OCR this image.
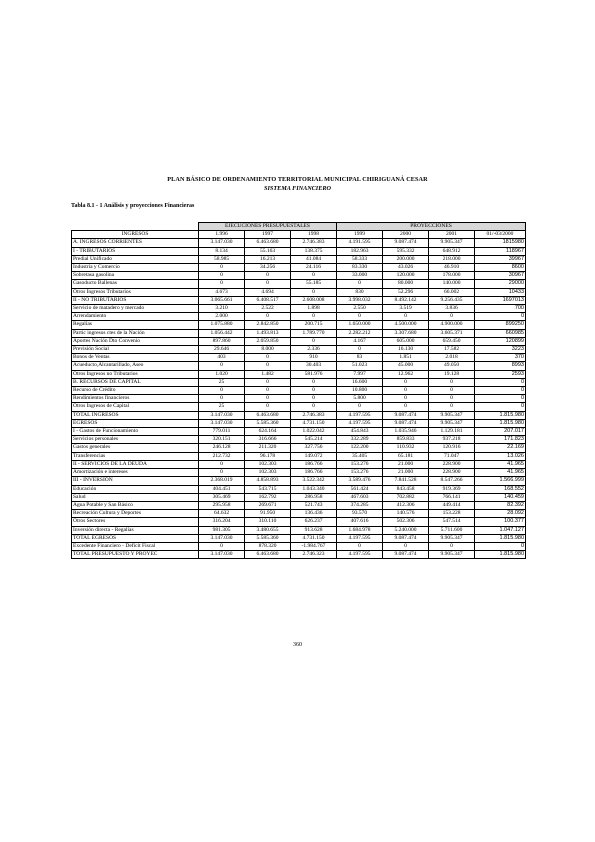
PLAN BÁSICO DE ORDENAMIENTO TERRITORIAL MUNICIPAL CHIRIGUANÁ CESAR
SISTEMA FINANCIERO
Tabla 8.1 - 1 Análisis y proyecciones Financieras
	EJECUCIONES PRESUPUESTALES			PROYECCIONES			
INGRESOS	1.996	1997	1998	1999	2000	2001	01/-03/2000
A. INGRESOS CORRIENTES	3.147.030	6.463.680	2.746.383	4.191.595	9.087.474	9.905.347	1815980
I - TRIBUTARIOS	8.134	55.163	138.375	182.963	595.332	648.912	118967
Predial Unificado	58.985	16.213	41.084	58.333	200.000	218.000	39967
Industria y Comercio	0	34.256	24.116	83.330	43.026	46.910	8600
Sobretasa gasolina	0	0	0	33.000	120.000	178.000	30967
Gasoducto Ballenas	0	0	55.185	0	80.000	140.000	29000
Otros Ingresos Tributarios	4.673	4.694	0	830	52.296	66.002	10433
II - NO TRIBUTARIOS	3.065.661	6.408.517	2.608.008	3.998.032	8.492.142	9.256.435	1697013
Servicio de matadero y mercado	3.210	2.522	1.898	2.550	3.519	3.836	700
Arrendamiento	2.000	0	0	0	0	0	0
Regalías	1.075.880	2.842.850	200.715	1.650.000	4.500.000	4.900.000	899250
Partic ingresos ctes de la Nación	1.056.442	1.493.813	1.789.770	2.282.212	3.307.680	3.605.371	660985
Aportes Nación Dto Convenio	897.860	2.059.850	0	4.167	605.000	659.450	120899
Previsión Social	29.646	8.000	2.336	0	16.130	17.582	3223
Bonos de Ventas	403	0	910	83	1.851	2.018	370
Acueducto,Alcantarillado, Aseo	0	0	30.403	51.023	45.000	49.050	8993
Otros Ingresos no Tributarios	1.020	1.482	581.976	7.997	12.962	19.128	2593
B. RECURSOS DE CAPITAL	25	0	0	16.600	0	0	0
Recurso de Crédito	0	0	0	10.800	0	0	0
Rendimientos financieros	0	0	0	5.800	0	0	0
Otros Ingresos de Capital	25	0	0	0	0	0	0
TOTAL INGRESOS	3.147.030	6.463.680	2.746.383	4.197.595	9.087.474	9.905.347	1.815.980
EGRESOS	3.147.030	5.585.360	4.731.150	4.197.595	9.087.474	9.905.347	1.815.980
I - Gastos de Funcionamiento	779.011	624.164	1.022.042	454.843	1.035.946	1.129.181	207.017
Servicios personales	320.151	316.666	545.214	332.289	859.833	937.218	171.823
Gastos generales	246.128	211.320	327.756	122.200	110.932	120.916	22.169
Transferencias	212.732	96.178	149.072	35.405	65.181	71.047	13.026
II - SERVICIOS DE LA DEUDA	0	102.303	186.766	153.276	21.000	228.900	41.965
Amortización e intereses	0	102.303	186.766	153.276	21.000	228.900	41.965
III - INVERSIÓN	2.368.019	4.858.893	3.522.342	3.589.476	7.841.528	8.547.266	1.566.999
Educación	404.451	543.715	1.043.340	561.424	843.458	919.369	168.552
Salud	305.469	162.792	286.958	467.603	702.882	766.141	140.459
Agua Potable y San Básico	295.958	269.671	521.743	374.285	412.306	449.414	82.392
Recreación Cultura y Deportes	64.632	91.950	136.436	93.570	140.576	153.228	28.092
Otros Sectores	316.204	310.110	626.237	407.616	502.306	547.514	100.377
Inversión directa - Regalías	981.305	3.480.655	913.628	1.684.978	5.240.000	5.711.600	1.047.127
TOTAL EGRESOS	3.147.030	5.585.360	4.731.150	4.197.595	9.087.474	9.905.347	1.815.980
Excedente Financiero - Deficit Fiscal	0	878.320	-1.984.767	0	0	0	0
TOTAL PRESUPUESTO Y PROYEC	3.147.030	6.463.680	2.746.323	4.197.595	9.087.474	9.905.347	1.815.980
360
